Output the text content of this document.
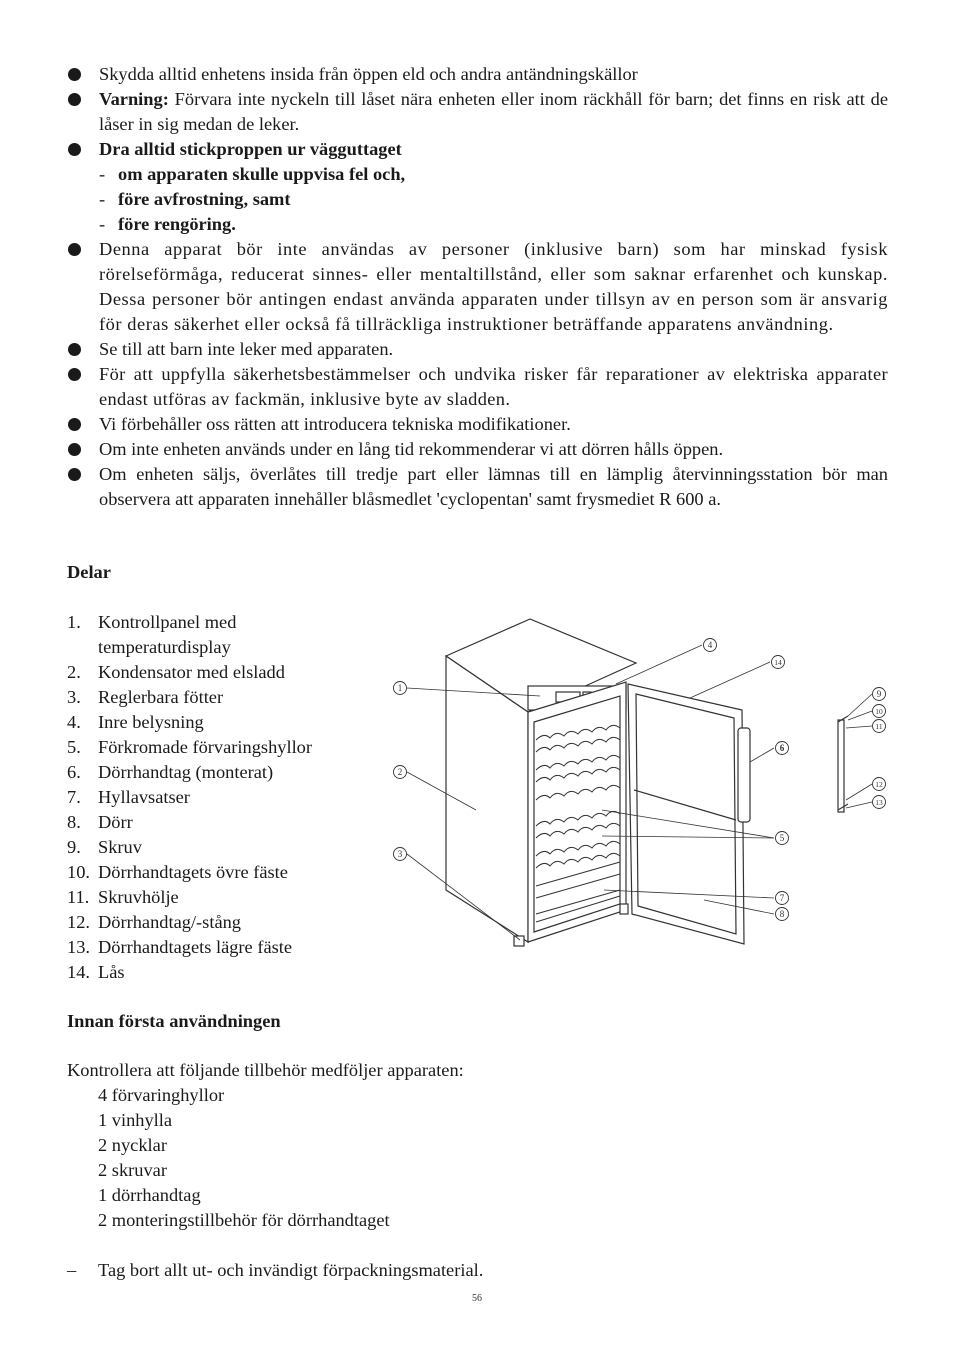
Skydda alltid enhetens insida från öppen eld och andra antändningskällor
Varning: Förvara inte nyckeln till låset nära enheten eller inom räckhåll för barn; det finns en risk att de låser in sig medan de leker.
Dra alltid stickproppen ur vägguttaget
- om apparaten skulle uppvisa fel och,
- före avfrostning, samt
- före rengöring.
Denna apparat bör inte användas av personer (inklusive barn) som har minskad fysisk rörelseförmåga, reducerat sinnes- eller mentaltillstånd, eller som saknar erfarenhet och kunskap. Dessa personer bör antingen endast använda apparaten under tillsyn av en person som är ansvarig för deras säkerhet eller också få tillräckliga instruktioner beträffande apparatens användning.
Se till att barn inte leker med apparaten.
För att uppfylla säkerhetsbestämmelser och undvika risker får reparationer av elektriska apparater endast utföras av fackmän, inklusive byte av sladden.
Vi förbehåller oss rätten att introducera tekniska modifikationer.
Om inte enheten används under en lång tid rekommenderar vi att dörren hålls öppen.
Om enheten säljs, överlåtes till tredje part eller lämnas till en lämplig återvinningsstation bör man observera att apparaten innehåller blåsmedlet 'cyclopentan' samt frysmediet R 600 a.
Delar
1. Kontrollpanel med temperaturdisplay
2. Kondensator med elsladd
3. Reglerbara fötter
4. Inre belysning
5. Förkromade förvaringshyllor
6. Dörrhandtag (monterat)
7. Hyllavsatser
8. Dörr
9. Skruv
10. Dörrhandtagets övre fäste
11. Skruvhölje
12. Dörrhandtag/-stång
13. Dörrhandtagets lägre fäste
14. Lås
1
2
3
4
5
6
7
8
9
10
11
12
13
14
Innan första användningen
Kontrollera att följande tillbehör medföljer apparaten:
4 förvaringhyllor
1 vinhylla
2 nycklar
2 skruvar
1 dörrhandtag
2 monteringstillbehör för dörrhandtaget
– Tag bort allt ut- och invändigt förpackningsmaterial.
56
